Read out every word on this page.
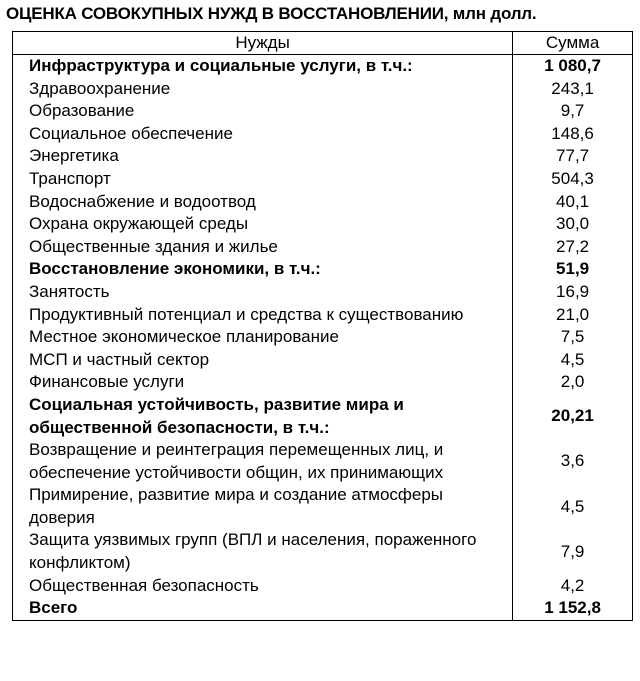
ОЦЕНКА СОВОКУПНЫХ НУЖД В ВОССТАНОВЛЕНИИ, млн долл.
Нужды	Сумма
Инфраструктура и социальные услуги, в т.ч.:	1 080,7
Здравоохранение	243,1
Образование	9,7
Социальное обеспечение	148,6
Энергетика	77,7
Транспорт	504,3
Водоснабжение и водоотвод	40,1
Охрана окружающей среды	30,0
Общественные здания и жилье	27,2
Восстановление экономики, в т.ч.:	51,9
Занятость	16,9
Продуктивный потенциал и средства к существованию	21,0
Местное экономическое планирование	7,5
МСП и частный сектор	4,5
Финансовые услуги	2,0
Социальная устойчивость, развитие мира и общественной безопасности, в т.ч.:	20,21
Возвращение и реинтеграция перемещенных лиц, и обеспечение устойчивости общин, их принимающих	3,6
Примирение, развитие мира и создание атмосферы доверия	4,5
Защита уязвимых групп (ВПЛ и населения, пораженного конфликтом)	7,9
Общественная безопасность	4,2
Всего	1 152,8
